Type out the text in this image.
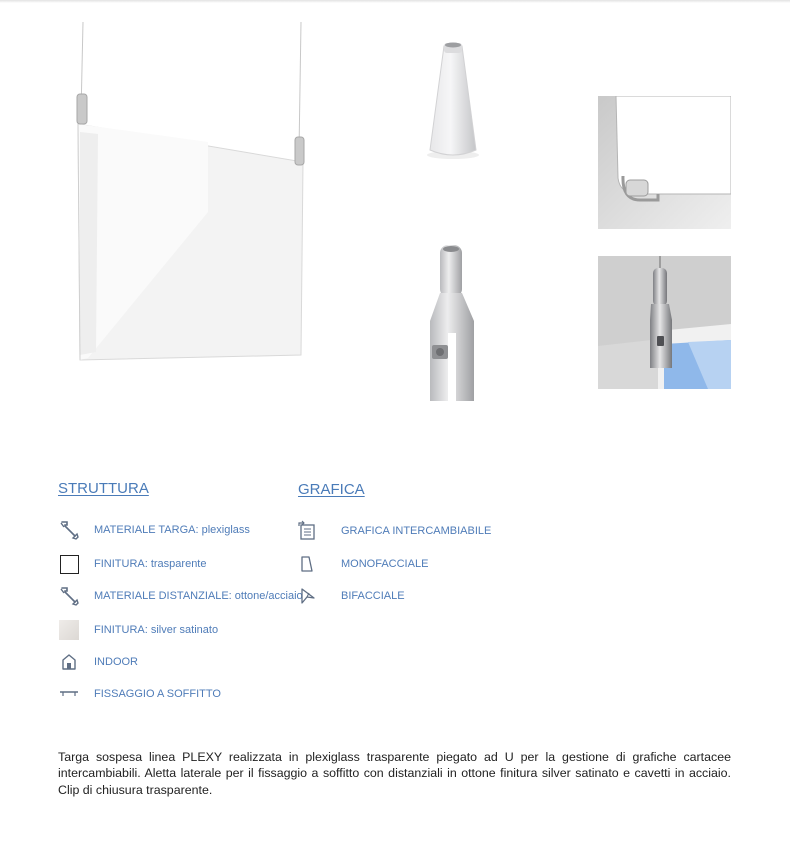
STRUTTURA
MATERIALE TARGA: plexiglass
FINITURA: trasparente
MATERIALE DISTANZIALE: ottone/acciaio
FINITURA: silver satinato
INDOOR
FISSAGGIO A SOFFITTO
GRAFICA
GRAFICA INTERCAMBIABILE
MONOFACCIALE
BIFACCIALE

Targa sospesa linea PLEXY realizzata in plexiglass trasparente piegato ad U per la gestione di grafiche cartacee intercambiabili. Aletta laterale per il fissaggio a soffitto con distanziali in ottone finitura silver satinato e cavetti in acciaio. Clip di chiusura trasparente.
